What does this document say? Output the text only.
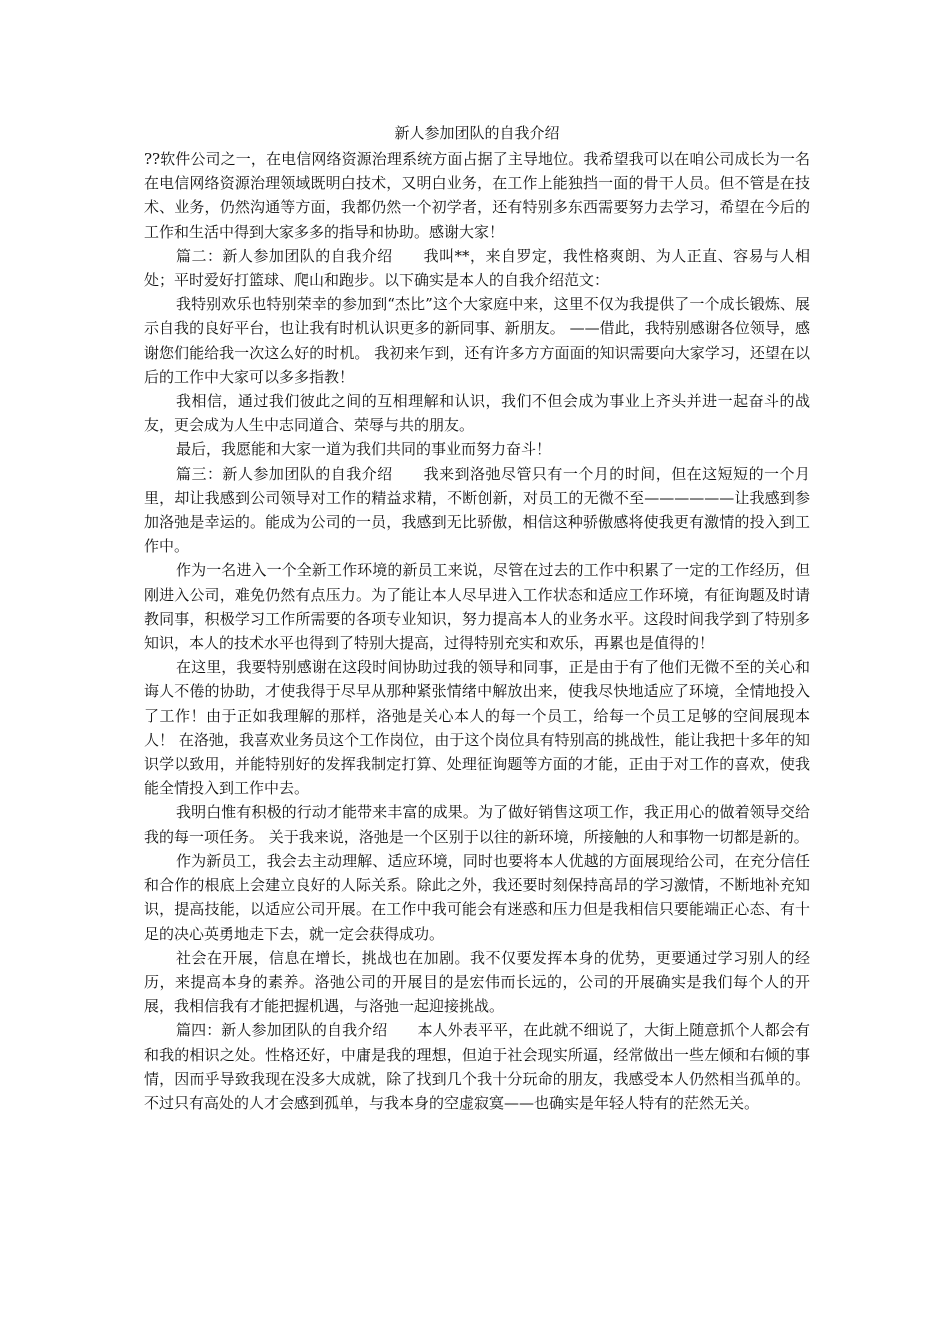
新人参加团队的自我介绍

??软件公司之一，在电信网络资源治理系统方面占据了主导地位。我希望我可以在咱公司成长为一名在电信网络资源治理领域既明白技术，又明白业务，在工作上能独挡一面的骨干人员。但不管是在技术、业务，仍然沟通等方面，我都仍然一个初学者，还有特别多东西需要努力去学习，希望在今后的工作和生活中得到大家多多的指导和协助。感谢大家！

篇二：新人参加团队的自我介绍　　我叫**，来自罗定，我性格爽朗、为人正直、容易与人相处；平时爱好打篮球、爬山和跑步。以下确实是本人的自我介绍范文：

我特别欢乐也特别荣幸的参加到“杰比”这个大家庭中来，这里不仅为我提供了一个成长锻炼、展示自我的良好平台，也让我有时机认识更多的新同事、新朋友。 ——借此，我特别感谢各位领导，感谢您们能给我一次这么好的时机。 我初来乍到，还有许多方方面面的知识需要向大家学习，还望在以后的工作中大家可以多多指教！

我相信，通过我们彼此之间的互相理解和认识，我们不但会成为事业上齐头并进一起奋斗的战友，更会成为人生中志同道合、荣辱与共的朋友。

最后，我愿能和大家一道为我们共同的事业而努力奋斗！

篇三：新人参加团队的自我介绍　　我来到洛弛尽管只有一个月的时间，但在这短短的一个月里，却让我感到公司领导对工作的精益求精，不断创新，对员工的无微不至——————让我感到参加洛弛是幸运的。能成为公司的一员，我感到无比骄傲，相信这种骄傲感将使我更有激情的投入到工作中。

作为一名进入一个全新工作环境的新员工来说，尽管在过去的工作中积累了一定的工作经历，但刚进入公司，难免仍然有点压力。为了能让本人尽早进入工作状态和适应工作环境，有征询题及时请教同事，积极学习工作所需要的各项专业知识，努力提高本人的业务水平。这段时间我学到了特别多知识，本人的技术水平也得到了特别大提高，过得特别充实和欢乐，再累也是值得的！

在这里，我要特别感谢在这段时间协助过我的领导和同事，正是由于有了他们无微不至的关心和诲人不倦的协助，才使我得于尽早从那种紧张情绪中解放出来，使我尽快地适应了环境，全情地投入了工作！由于正如我理解的那样，洛弛是关心本人的每一个员工，给每一个员工足够的空间展现本人！ 在洛弛，我喜欢业务员这个工作岗位，由于这个岗位具有特别高的挑战性，能让我把十多年的知识学以致用，并能特别好的发挥我制定打算、处理征询题等方面的才能，正由于对工作的喜欢，使我能全情投入到工作中去。

我明白惟有积极的行动才能带来丰富的成果。为了做好销售这项工作，我正用心的做着领导交给我的每一项任务。 关于我来说，洛弛是一个区别于以往的新环境，所接触的人和事物一切都是新的。

作为新员工，我会去主动理解、适应环境，同时也要将本人优越的方面展现给公司，在充分信任和合作的根底上会建立良好的人际关系。除此之外，我还要时刻保持高昂的学习激情，不断地补充知识，提高技能，以适应公司开展。在工作中我可能会有迷惑和压力但是我相信只要能端正心态、有十足的决心英勇地走下去，就一定会获得成功。

社会在开展，信息在增长，挑战也在加剧。我不仅要发挥本身的优势，更要通过学习别人的经历，来提高本身的素养。洛弛公司的开展目的是宏伟而长远的，公司的开展确实是我们每个人的开展，我相信我有才能把握机遇，与洛弛一起迎接挑战。

篇四：新人参加团队的自我介绍　　本人外表平平，在此就不细说了，大街上随意抓个人都会有和我的相识之处。性格还好，中庸是我的理想，但迫于社会现实所逼，经常做出一些左倾和右倾的事情，因而乎导致我现在没多大成就，除了找到几个我十分玩命的朋友，我感受本人仍然相当孤单的。不过只有高处的人才会感到孤单，与我本身的空虚寂寞——也确实是年轻人特有的茫然无关。
